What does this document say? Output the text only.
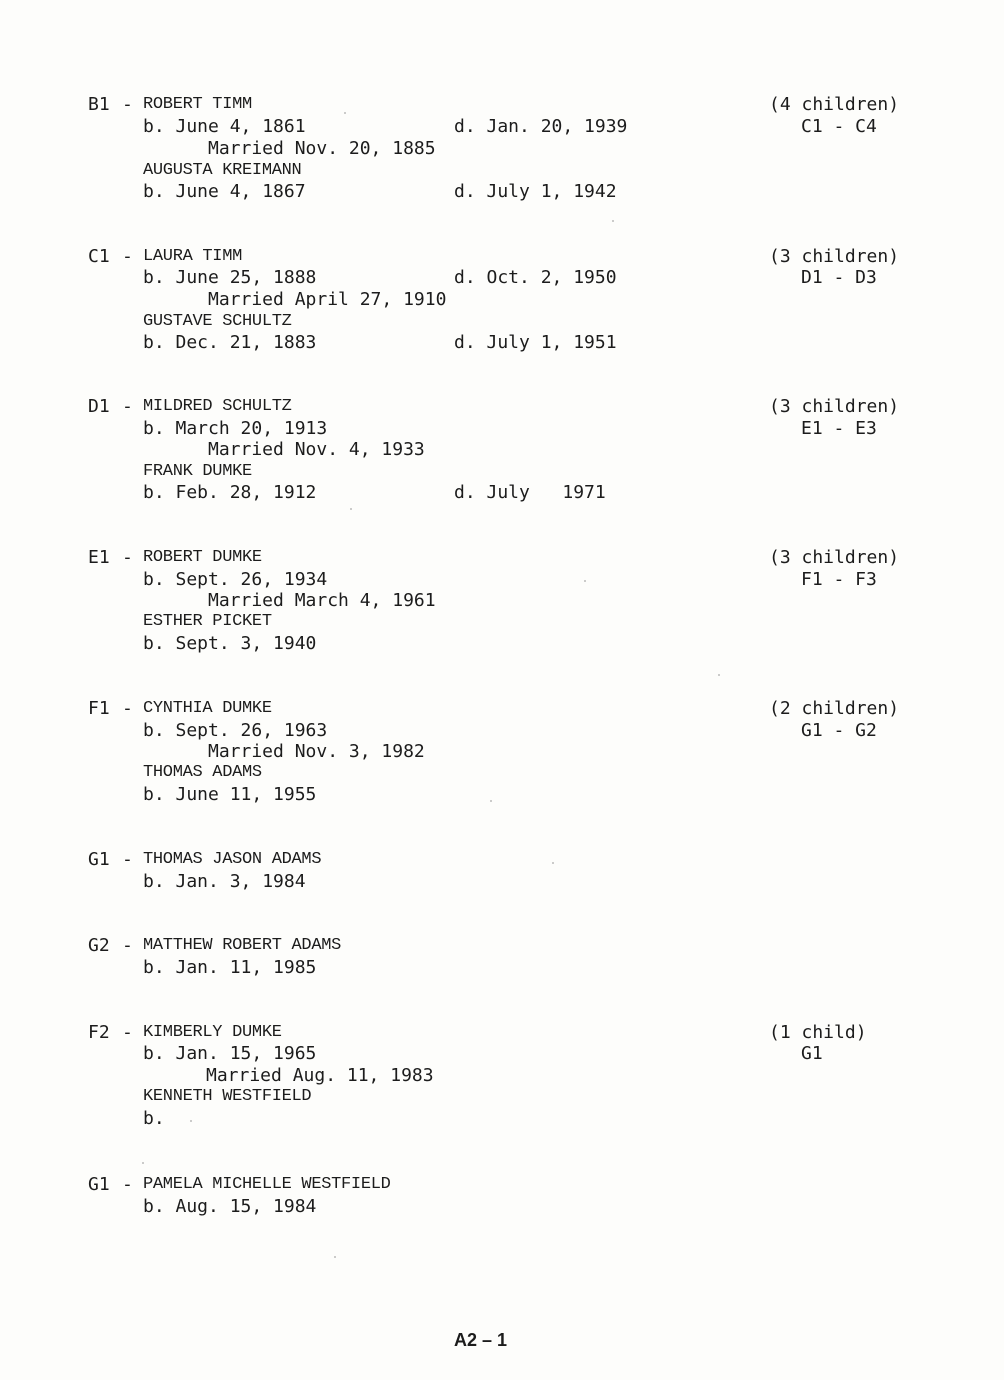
B1 - ROBERT TIMM
b. June 4, 1861	d. Jan. 20, 1939
Married Nov. 20, 1885
AUGUSTA KREIMANN
b. June 4, 1867	d. July 1, 1942
(4 children)
C1 - C4
C1 - LAURA TIMM
b. June 25, 1888	d. Oct. 2, 1950
Married April 27, 1910
GUSTAVE SCHULTZ
b. Dec. 21, 1883	d. July 1, 1951
(3 children)
D1 - D3
D1 - MILDRED SCHULTZ
b. March 20, 1913
Married Nov. 4, 1933
FRANK DUMKE
b. Feb. 28, 1912	d. July   1971
(3 children)
E1 - E3
E1 - ROBERT DUMKE
b. Sept. 26, 1934
Married March 4, 1961
ESTHER PICKET
b. Sept. 3, 1940
(3 children)
F1 - F3
F1 - CYNTHIA DUMKE
b. Sept. 26, 1963
Married Nov. 3, 1982
THOMAS ADAMS
b. June 11, 1955
(2 children)
G1 - G2
G1 - THOMAS JASON ADAMS
b. Jan. 3, 1984
G2 - MATTHEW ROBERT ADAMS
b. Jan. 11, 1985
F2 - KIMBERLY DUMKE
b. Jan. 15, 1965
Married Aug. 11, 1983
KENNETH WESTFIELD
b.
(1 child)
G1
G1 - PAMELA MICHELLE WESTFIELD
b. Aug. 15, 1984
A2 – 1
